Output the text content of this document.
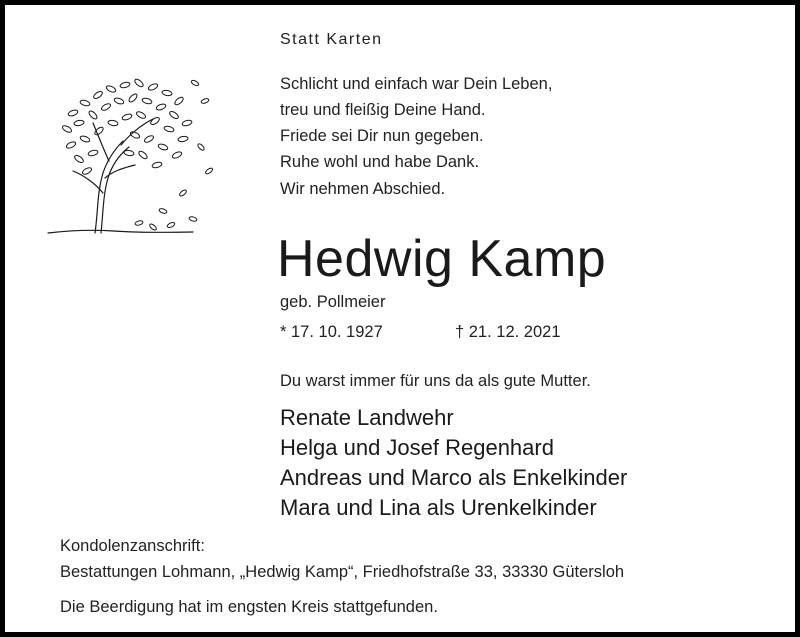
Statt Karten
Schlicht und einfach war Dein Leben,
treu und fleißig Deine Hand.
Friede sei Dir nun gegeben.
Ruhe wohl und habe Dank.
Wir nehmen Abschied.
Hedwig Kamp
geb. Pollmeier
* 17. 10. 1927	† 21. 12. 2021
Du warst immer für uns da als gute Mutter.
Renate Landwehr
Helga und Josef Regenhard
Andreas und Marco als Enkelkinder
Mara und Lina als Urenkelkinder
Kondolenzanschrift:
Bestattungen Lohmann, „Hedwig Kamp“, Friedhofstraße 33, 33330 Gütersloh
Die Beerdigung hat im engsten Kreis stattgefunden.
